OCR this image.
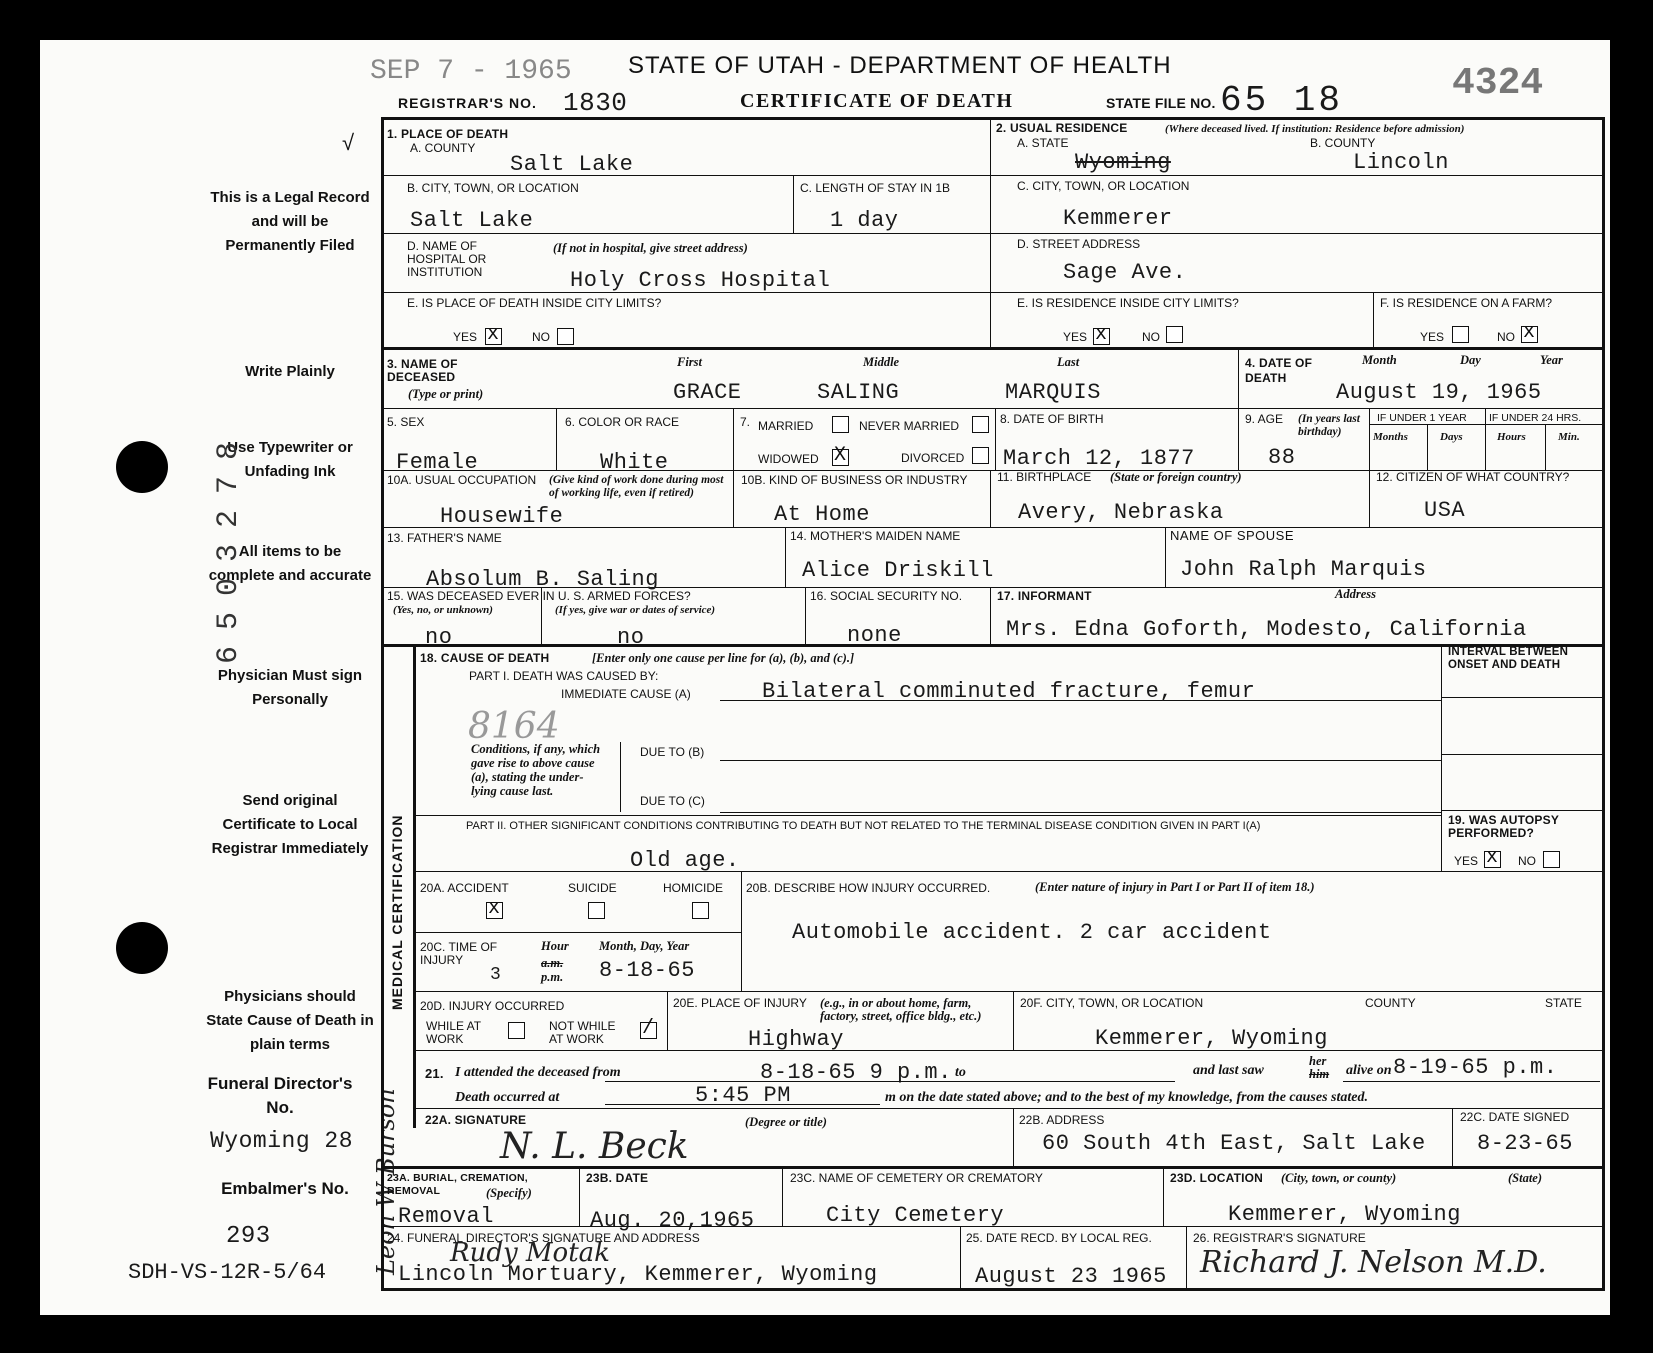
SEP 7 - 1965 STATE OF UTAH - DEPARTMENT OF HEALTH	4324
REGISTRAR'S NO. 1830	CERTIFICATE OF DEATH	STATE FILE NO. 65 18
√
This is a Legal Record and will be Permanently Filed
Write Plainly
Use Typewriter or Unfading Ink
All items to be complete and accurate
Physician Must sign Personally
Send original Certificate to Local Registrar Immediately
Physicians should State Cause of Death in plain terms
Funeral Director's No.
Wyoming 28
Embalmer's No.
293
SDH-VS-12R-5/64
6503278
Leon W Burson
1. PLACE OF DEATH
A. COUNTY
Salt Lake
B. CITY, TOWN, OR LOCATION
Salt Lake
C. LENGTH OF STAY IN 1B
1 day
D. NAME OF HOSPITAL OR INSTITUTION
(If not in hospital, give street address)
Holy Cross Hospital
E. IS PLACE OF DEATH INSIDE CITY LIMITS?
YES x	NO
2. USUAL RESIDENCE	(Where deceased lived. If institution: Residence before admission)
A. STATE
Wyoming
B. COUNTY
Lincoln
C. CITY, TOWN, OR LOCATION
Kemmerer
D. STREET ADDRESS
Sage Ave.
E. IS RESIDENCE INSIDE CITY LIMITS?
YES x	NO
F. IS RESIDENCE ON A FARM?
YES	NO x
3. NAME OF DECEASED
(Type or print)
First	Middle	Last
GRACE	SALING	MARQUIS
4. DATE OF DEATH
Month	Day	Year
August 19, 1965
5. SEX
Female
6. COLOR OR RACE
White
7. MARRIED	NEVER MARRIED
WIDOWED X	DIVORCED
8. DATE OF BIRTH
March 12, 1877
9. AGE (In years last birthday)
88
IF UNDER 1 YEAR IF UNDER 24 HRS.
Months	Days	Hours	Min.
10A. USUAL OCCUPATION (Give kind of work done during most of working life, even if retired)
Housewife
10B. KIND OF BUSINESS OR INDUSTRY
At Home
11. BIRTHPLACE (State or foreign country)
Avery, Nebraska
12. CITIZEN OF WHAT COUNTRY?
USA
13. FATHER'S NAME
Absolum B. Saling
14. MOTHER'S MAIDEN NAME
Alice Driskill
NAME OF SPOUSE
John Ralph Marquis
15. WAS DECEASED EVER IN U. S. ARMED FORCES?
(Yes, no, or unknown)	(If yes, give war or dates of service)
no	no
16. SOCIAL SECURITY NO.
none
17. INFORMANT	Address
Mrs. Edna Goforth, Modesto, California
MEDICAL CERTIFICATION
18. CAUSE OF DEATH	[Enter only one cause per line for (a), (b), and (c).]
PART I. DEATH WAS CAUSED BY:
IMMEDIATE CAUSE (A)	Bilateral comminuted fracture, femur
8164
Conditions, if any, which gave rise to above cause (a), stating the under-lying cause last.
DUE TO (B)
DUE TO (C)
INTERVAL BETWEEN ONSET AND DEATH
PART II. OTHER SIGNIFICANT CONDITIONS CONTRIBUTING TO DEATH BUT NOT RELATED TO THE TERMINAL DISEASE CONDITION GIVEN IN PART I(A)
Old age.
19. WAS AUTOPSY PERFORMED?
YES x NO
20A. ACCIDENT
x
SUICIDE	HOMICIDE 20B. DESCRIBE HOW INJURY OCCURRED.	(Enter nature of injury in Part I or Part II of item 18.)
Automobile accident. 2 car accident
20C. TIME OF INJURY
Hour Month, Day, Year
3
a.m.
p.m. 8-18-65
20D. INJURY OCCURRED
WHILE AT WORK
NOT WHILE AT WORK	/
20E. PLACE OF INJURY (e.g., in or about home, farm, factory, street, office bldg., etc.)
Highway
20F. CITY, TOWN, OR LOCATION	COUNTY	STATE
Kemmerer, Wyoming
21. I attended the deceased from	8-18-65 9 p.m. to	and last saw
her
him alive on 8-19-65 p.m.
Death occurred at	5:45 PM	m on the date stated above; and to the best of my knowledge, from the causes stated.
22A. SIGNATURE	(Degree or title)
N. L. Beck
22B. ADDRESS
60 South 4th East, Salt Lake
22C. DATE SIGNED
8-23-65
23A. BURIAL, CREMATION, REMOVAL	(Specify)
Removal
23B. DATE
Aug. 20,1965
23C. NAME OF CEMETERY OR CREMATORY
City Cemetery
23D. LOCATION (City, town, or county)	(State)
Kemmerer, Wyoming
24. FUNERAL DIRECTOR'S SIGNATURE AND ADDRESS
Rudy Motak
Lincoln Mortuary, Kemmerer, Wyoming
25. DATE RECD. BY LOCAL REG.
August 23 1965
26. REGISTRAR'S SIGNATURE
Richard J. Nelson M.D.
